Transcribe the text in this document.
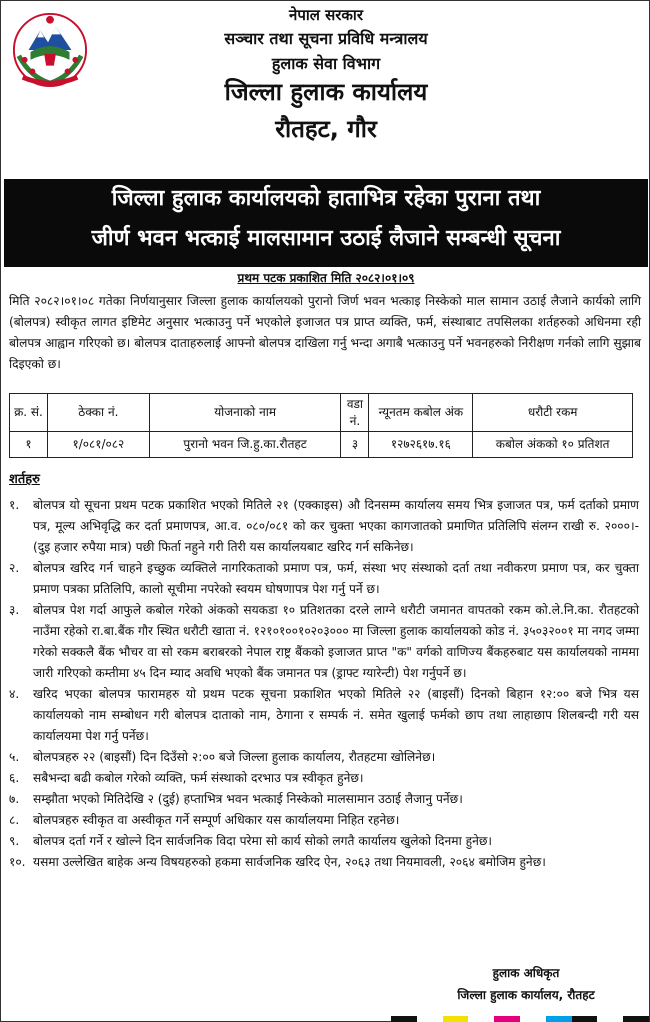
नेपाल सरकार
सञ्चार तथा सूचना प्रविधि मन्त्रालय
हुलाक सेवा विभाग
जिल्ला हुलाक कार्यालय
रौतहट, गौर
जिल्ला हुलाक कार्यालयको हाताभित्र रहेका पुराना तथा
जीर्ण भवन भत्काई मालसामान उठाई लैजाने सम्बन्धी सूचना
प्रथम पटक प्रकाशित मिति २०८२।०१।०९

मिति २०८२।०१।०८ गतेका निर्णयानुसार जिल्ला हुलाक कार्यालयको पुरानो जिर्ण भवन भत्काइ निस्केको माल सामान उठाई लैजाने कार्यको लागि (बोलपत्र) स्वीकृत लागत इष्टिमेट अनुसार भत्काउनु पर्ने भएकोले इजाजत पत्र प्राप्त व्यक्ति, फर्म, संस्थाबाट तपसिलका शर्तहरुको अधिनमा रही बोलपत्र आह्वान गरिएको छ। बोलपत्र दाताहरुलाई आफ्नो बोलपत्र दाखिला गर्नु भन्दा अगाबै भत्काउनु पर्ने भवनहरुको निरीक्षण गर्नको लागि सुझाब दिइएको छ।

क्र. सं.	ठेक्का नं.	योजनाको नाम	वडा नं.	न्यूनतम कबोल अंक	धरौटी रकम
१	१/०८१/०८२	पुरानो भवन जि.हु.का.रौतहट	३	१२७२६१७.१६	कबोल अंकको १० प्रतिशत
शर्तहरु
१.	बोलपत्र यो सूचना प्रथम पटक प्रकाशित भएको मितिले २१ (एक्काइस) औ दिनसम्म कार्यालय समय भित्र इजाजत पत्र, फर्म दर्ताको प्रमाण पत्र, मूल्य अभिवृद्धि कर दर्ता प्रमाणपत्र, आ.व. ०८०/०८१ को कर चुक्ता भएका कागजातको प्रमाणित प्रतिलिपि संलग्न राखी रु. २०००।- (दुइ हजार रुपैया मात्र) पछी फिर्ता नहुने गरी तिरी यस कार्यालयबाट खरिद गर्न सकिनेछ।
२.	बोलपत्र खरिद गर्न चाहने इच्छुक व्यक्तिले नागरिकताको प्रमाण पत्र, फर्म, संस्था भए संस्थाको दर्ता तथा नवीकरण प्रमाण पत्र, कर चुक्ता प्रमाण पत्रका प्रतिलिपि, कालो सूचीमा नपरेको स्वयम घोषणापत्र पेश गर्नु पर्ने छ।
३.	बोलपत्र पेश गर्दा आफुले कबोल गरेको अंकको सयकडा १० प्रतिशतका दरले लाग्ने धरौटी जमानत वापतको रकम को.ले.नि.का. रौतहटको नाउँमा रहेको रा.बा.बैंक गौर स्थित धरौटी खाता नं. १२१०१००१०२०३००० मा जिल्ला हुलाक कार्यालयको कोड नं. ३५०३२००१ मा नगद जम्मा गरेको सक्कलै बैंक भौचर वा सो रकम बराबरको नेपाल राष्ट्र बैंकको इजाजत प्राप्त "क" वर्गको वाणिज्य बैंकहरुबाट यस कार्यालयको नाममा जारी गरिएको कम्तीमा ४५ दिन म्याद अवधि भएको बैंक जमानत पत्र (ड्राफ्ट ग्यारेन्टी) पेश गर्नुपर्ने छ।
४.	खरिद भएका बोलपत्र फारामहरु यो प्रथम पटक सूचना प्रकाशित भएको मितिले २२ (बाइसौं) दिनको बिहान १२:०० बजे भित्र यस कार्यालयको नाम सम्बोधन गरी बोलपत्र दाताको नाम, ठेगाना र सम्पर्क नं. समेत खुलाई फर्मको छाप तथा लाहाछाप शिलबन्दी गरी यस कार्यालयमा पेश गर्नु पर्नेछ।
५.	बोलपत्रहरु २२ (बाइसौं) दिन दिउँसो २:०० बजे जिल्ला हुलाक कार्यालय, रौतहटमा खोलिनेछ।
६.	सबैभन्दा बढी कबोल गरेको व्यक्ति, फर्म संस्थाको दरभाउ पत्र स्वीकृत हुनेछ।
७.	सम्झौता भएको मितिदेखि २ (दुई) हप्ताभित्र भवन भत्काई निस्केको मालसामान उठाई लैजानु पर्नेछ।
८.	बोलपत्रहरु स्वीकृत वा अस्वीकृत गर्ने सम्पूर्ण अधिकार यस कार्यालयमा निहित रहनेछ।
९.	बोलपत्र दर्ता गर्ने र खोल्ने दिन सार्वजनिक विदा परेमा सो कार्य सोको लगतै कार्यालय खुलेको दिनमा हुनेछ।
१०. यसमा उल्लेखित बाहेक अन्य विषयहरुको हकमा सार्वजनिक खरिद ऐन, २०६३ तथा नियमावली, २०६४ बमोजिम हुनेछ।
हुलाक अधिकृत
जिल्ला हुलाक कार्यालय, रौतहट
